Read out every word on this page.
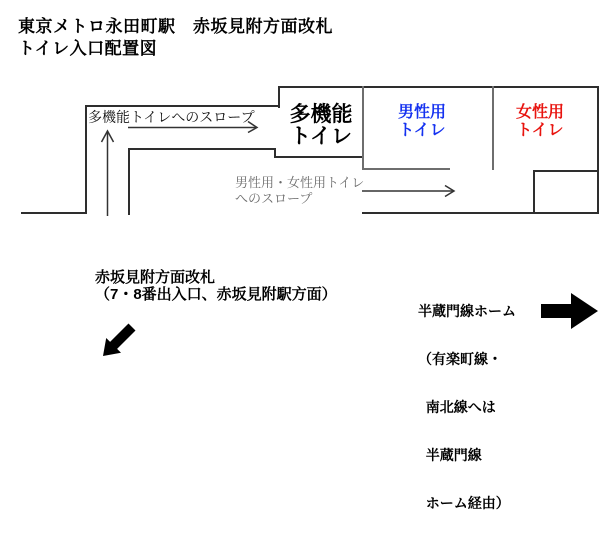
東京メトロ永田町駅　赤坂見附方面改札
トイレ入口配置図
多機能トイレへのスロープ	多機能
トイレ
男性用
トイレ
女性用
トイレ
男性用・女性用トイレ
へのスロープ
赤坂見附方面改札
（7・8番出入口、赤坂見附駅方面）

半蔵門線ホーム

（有楽町線・

南北線へは

半蔵門線

ホーム経由）
